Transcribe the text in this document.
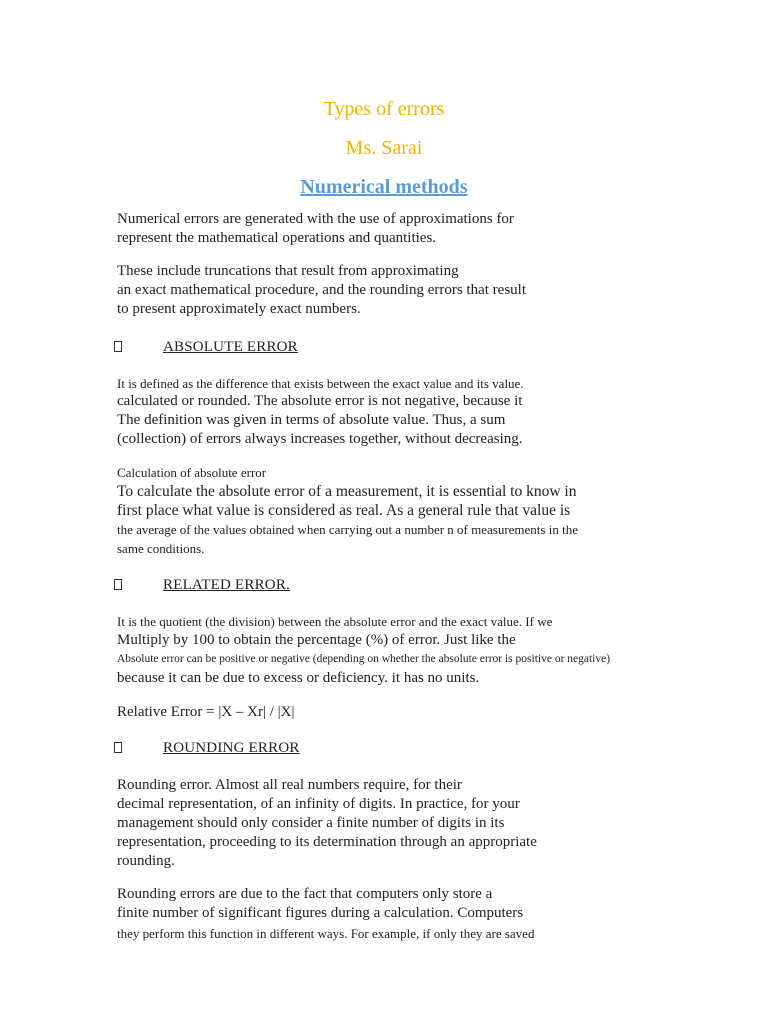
Types of errors
Ms. Sarai
Numerical methods
Numerical errors are generated with the use of approximations for
represent the mathematical operations and quantities.
These include truncations that result from approximating
an exact mathematical procedure, and the rounding errors that result
to present approximately exact numbers.
ABSOLUTE ERROR
It is defined as the difference that exists between the exact value and its value.
calculated or rounded. The absolute error is not negative, because it
The definition was given in terms of absolute value. Thus, a sum
(collection) of errors always increases together, without decreasing.
Calculation of absolute error
To calculate the absolute error of a measurement, it is essential to know in
first place what value is considered as real. As a general rule that value is
the average of the values obtained when carrying out a number n of measurements in the
same conditions.
RELATED ERROR.
It is the quotient (the division) between the absolute error and the exact value. If we
Multiply by 100 to obtain the percentage (%) of error. Just like the
Absolute error can be positive or negative (depending on whether the absolute error is positive or negative)
because it can be due to excess or deficiency. it has no units.
Relative Error = |X – Xr| / |X|
ROUNDING ERROR
Rounding error. Almost all real numbers require, for their
decimal representation, of an infinity of digits. In practice, for your
management should only consider a finite number of digits in its
representation, proceeding to its determination through an appropriate
rounding.
Rounding errors are due to the fact that computers only store a
finite number of significant figures during a calculation. Computers
they perform this function in different ways. For example, if only they are saved
